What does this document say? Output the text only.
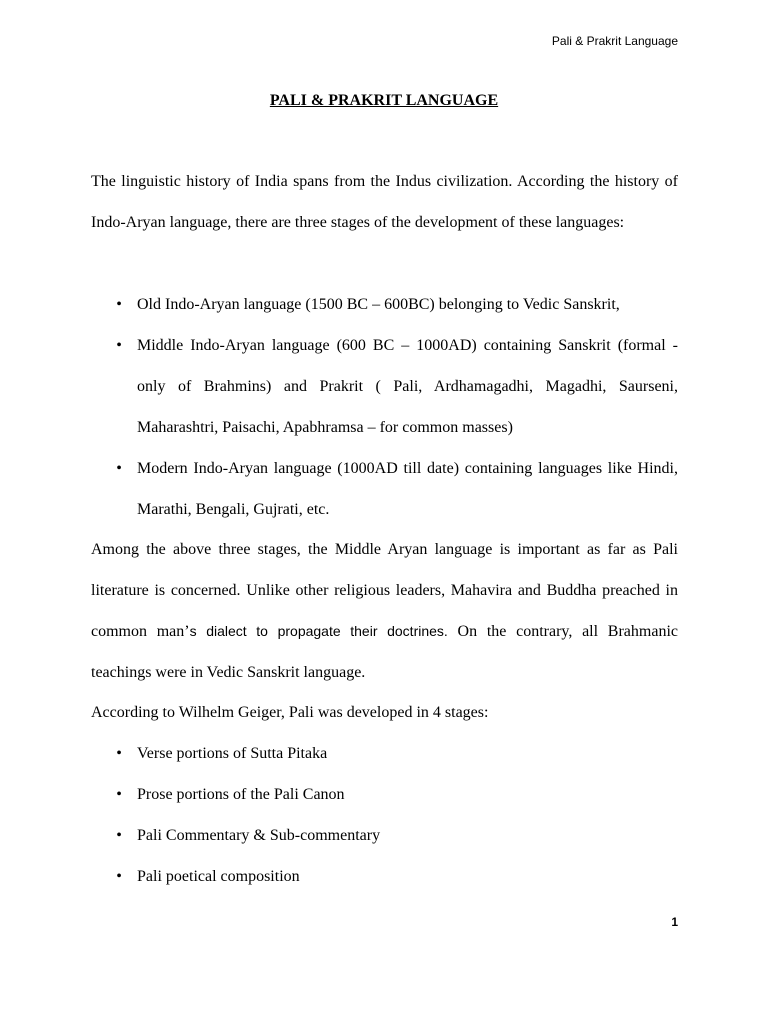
Pali & Prakrit Language
PALI & PRAKRIT LANGUAGE

The linguistic history of India spans from the Indus civilization. According the history of Indo-Aryan language, there are three stages of the development of these languages:

• Old Indo-Aryan language (1500 BC – 600BC) belonging to Vedic Sanskrit,
• Middle Indo-Aryan language (600 BC – 1000AD) containing Sanskrit (formal - only of Brahmins) and Prakrit ( Pali, Ardhamagadhi, Magadhi, Saurseni, Maharashtri, Paisachi, Apabhramsa – for common masses)
• Modern Indo-Aryan language (1000AD till date) containing languages like Hindi, Marathi, Bengali, Gujrati, etc.

Among the above three stages, the Middle Aryan language is important as far as Pali literature is concerned. Unlike other religious leaders, Mahavira and Buddha preached in common man’s dialect to propagate their doctrines. On the contrary, all Brahmanic teachings were in Vedic Sanskrit language.

According to Wilhelm Geiger, Pali was developed in 4 stages:

• Verse portions of Sutta Pitaka
• Prose portions of the Pali Canon
• Pali Commentary & Sub-commentary
• Pali poetical composition
1
